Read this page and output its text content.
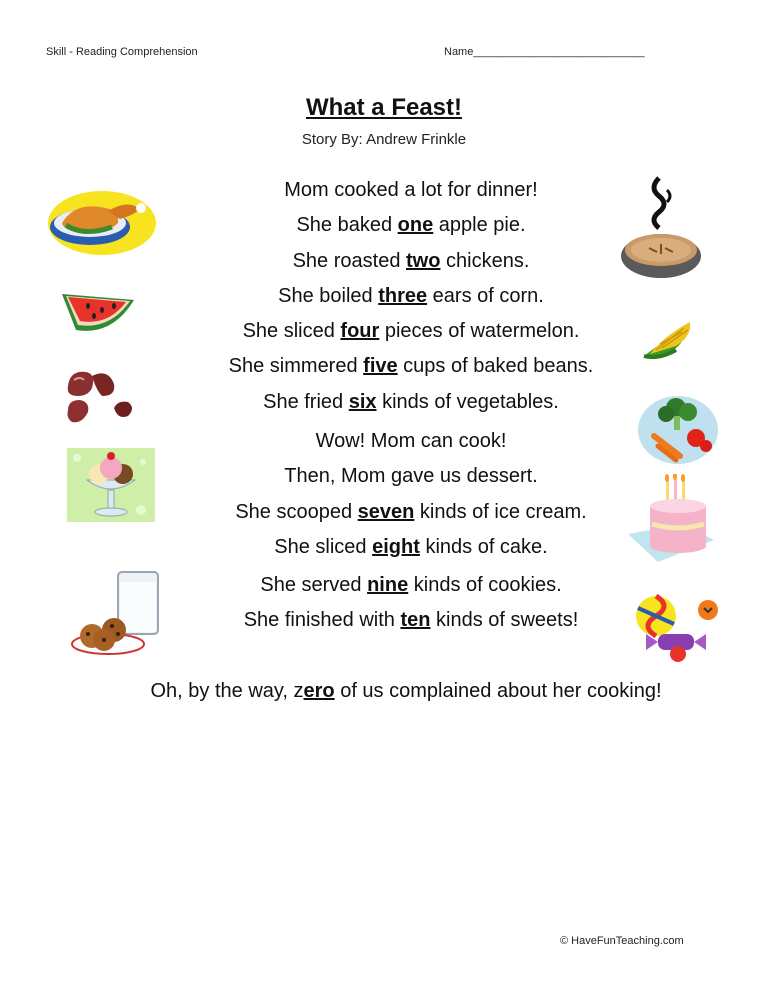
Skill - Reading Comprehension	Name____________________________
What a Feast!
Story By: Andrew Frinkle
Mom cooked a lot for dinner!
She baked one apple pie.
She roasted two chickens.
She boiled three ears of corn.
She sliced four pieces of watermelon.
She simmered five cups of baked beans.
She fried six kinds of vegetables.
Wow! Mom can cook!
Then, Mom gave us dessert.
She scooped seven kinds of ice cream.
She sliced eight kinds of cake.
She served nine kinds of cookies.
She finished with ten kinds of sweets!
Oh, by the way, zero of us complained about her cooking!
© HaveFunTeaching.com
